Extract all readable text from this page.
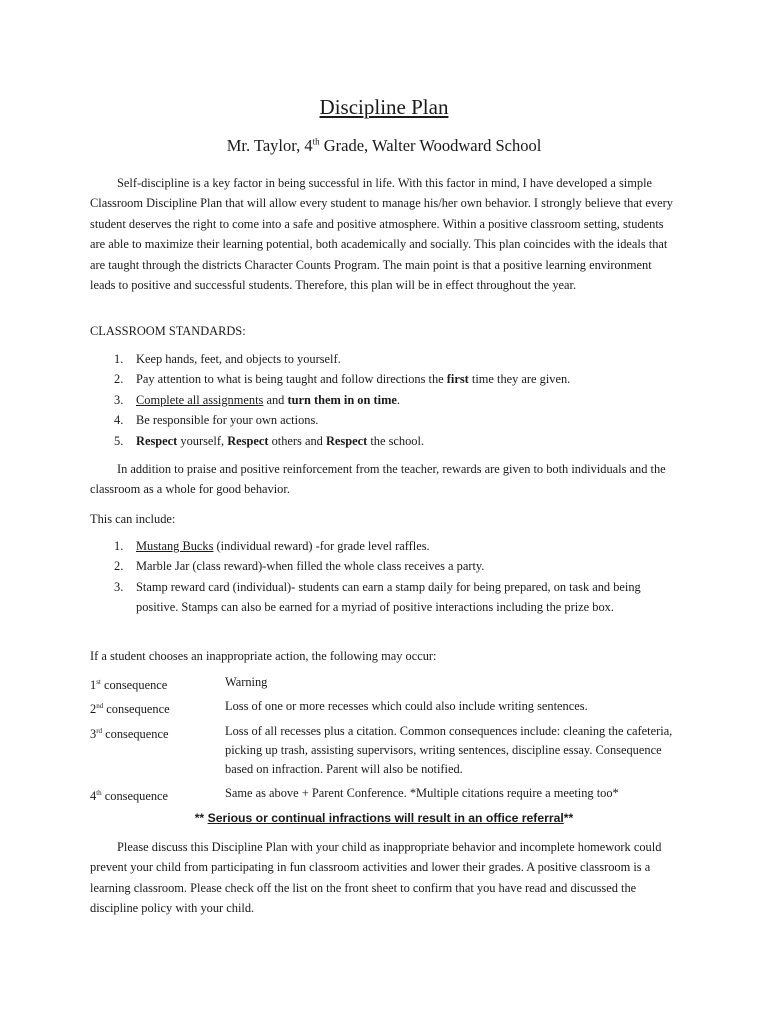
Discipline Plan
Mr. Taylor, 4th Grade, Walter Woodward School

Self-discipline is a key factor in being successful in life. With this factor in mind, I have developed a simple Classroom Discipline Plan that will allow every student to manage his/her own behavior. I strongly believe that every student deserves the right to come into a safe and positive atmosphere. Within a positive classroom setting, students are able to maximize their learning potential, both academically and socially. This plan coincides with the ideals that are taught through the districts Character Counts Program. The main point is that a positive learning environment leads to positive and successful students. Therefore, this plan will be in effect throughout the year.

CLASSROOM STANDARDS:

1. Keep hands, feet, and objects to yourself.
2. Pay attention to what is being taught and follow directions the first time they are given.
3. Complete all assignments and turn them in on time.
4. Be responsible for your own actions.
5. Respect yourself, Respect others and Respect the school.

In addition to praise and positive reinforcement from the teacher, rewards are given to both individuals and the classroom as a whole for good behavior.

This can include:

1. Mustang Bucks (individual reward) -for grade level raffles.
2. Marble Jar (class reward)-when filled the whole class receives a party.
3. Stamp reward card (individual)- students can earn a stamp daily for being prepared, on task and being positive. Stamps can also be earned for a myriad of positive interactions including the prize box.

If a student chooses an inappropriate action, the following may occur:

1st consequence	Warning
2nd consequence	Loss of one or more recesses which could also include writing sentences.
3rd consequence	Loss of all recesses plus a citation. Common consequences include: cleaning the cafeteria, picking up trash, assisting supervisors, writing sentences, discipline essay. Consequence based on infraction. Parent will also be notified.
4th consequence	Same as above + Parent Conference. *Multiple citations require a meeting too*

** Serious or continual infractions will result in an office referral**

Please discuss this Discipline Plan with your child as inappropriate behavior and incomplete homework could prevent your child from participating in fun classroom activities and lower their grades. A positive classroom is a learning classroom. Please check off the list on the front sheet to confirm that you have read and discussed the discipline policy with your child.
